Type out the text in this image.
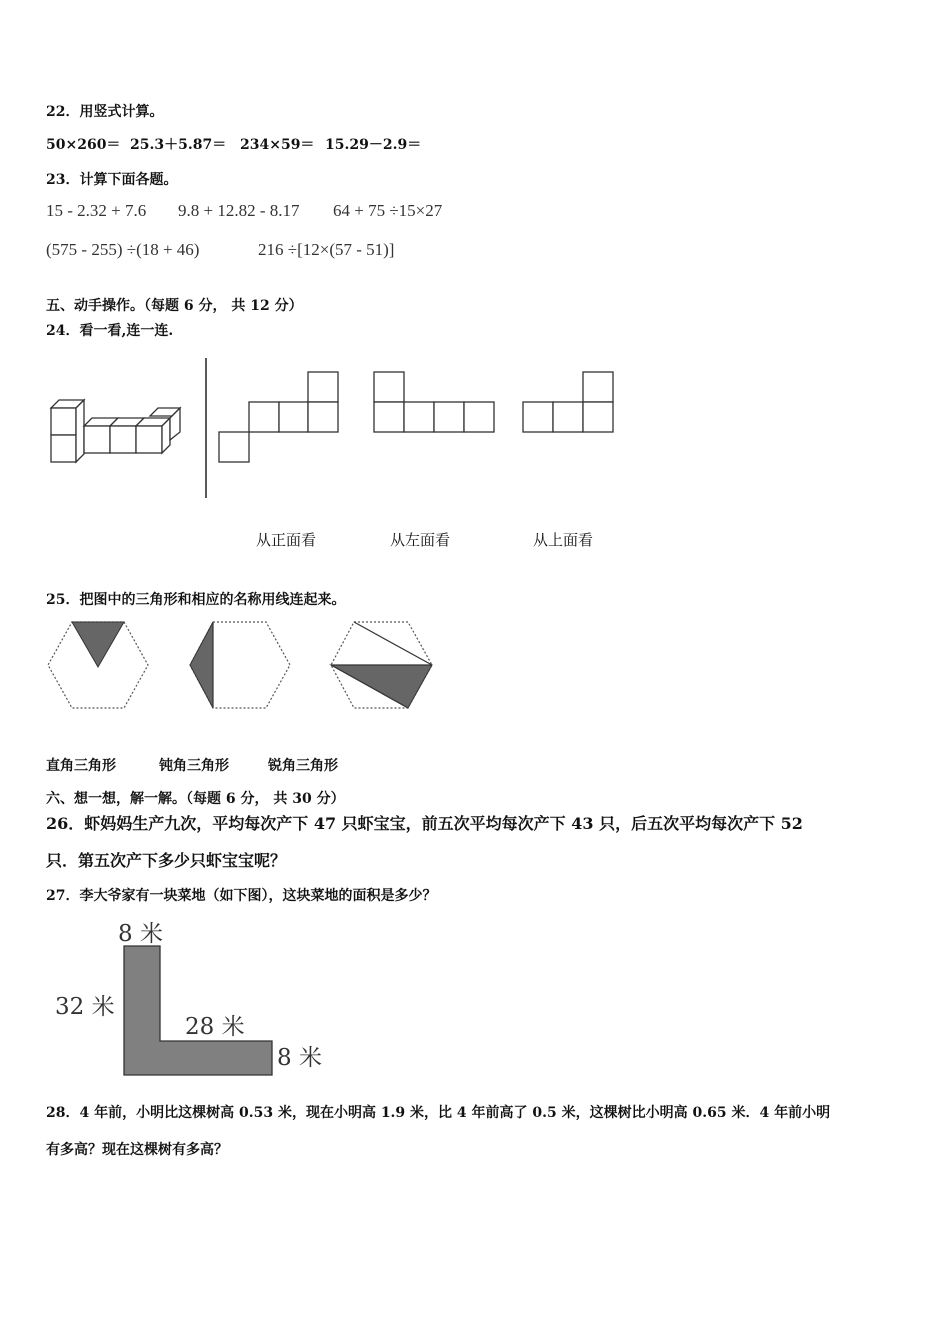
22．用竖式计算。
50×260＝ 25.3＋5.87＝ 234×59＝ 15.29－2.9＝
23．计算下面各题。
15 - 2.32 + 7.6 9.8 + 12.82 - 8.17 64 + 75 ÷15×27
(575 - 255) ÷(18 + 46)	216 ÷[12×(57 - 51)]
五、动手操作。（每题 6 分， 共 12 分）
24．看一看,连一连.
从正面看	从左面看	从上面看
25．把图中的三角形和相应的名称用线连起来。
直角三角形	钝角三角形	锐角三角形
六、想一想，解一解。（每题 6 分， 共 30 分）
26．虾妈妈生产九次，平均每次产下 47 只虾宝宝，前五次平均每次产下 43 只，后五次平均每次产下 52
只．第五次产下多少只虾宝宝呢？
27．李大爷家有一块菜地（如下图），这块菜地的面积是多少？
8 米
32 米
28 米
8 米
28．4 年前，小明比这棵树高 0.53 米，现在小明高 1.9 米，比 4 年前高了 0.5 米，这棵树比小明高 0.65 米．4 年前小明
有多高？现在这棵树有多高？
